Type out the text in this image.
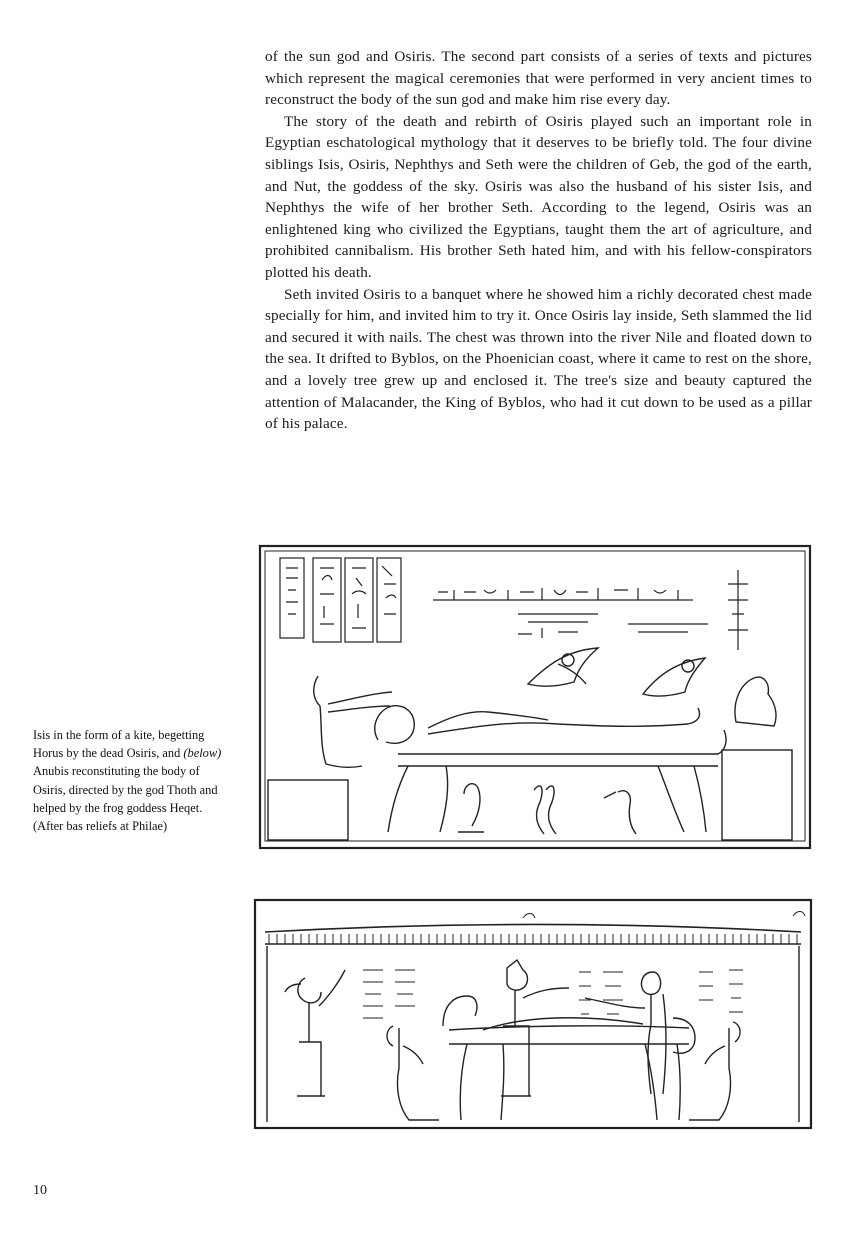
of the sun god and Osiris. The second part consists of a series of texts and pictures which represent the magical ceremonies that were performed in very ancient times to reconstruct the body of the sun god and make him rise every day.

The story of the death and rebirth of Osiris played such an important role in Egyptian eschatological mythology that it deserves to be briefly told. The four divine siblings Isis, Osiris, Nephthys and Seth were the children of Geb, the god of the earth, and Nut, the goddess of the sky. Osiris was also the husband of his sister Isis, and Nephthys the wife of her brother Seth. According to the legend, Osiris was an enlightened king who civilized the Egyptians, taught them the art of agriculture, and prohibited cannibalism. His brother Seth hated him, and with his fellow-conspirators plotted his death.

Seth invited Osiris to a banquet where he showed him a richly decorated chest made specially for him, and invited him to try it. Once Osiris lay inside, Seth slammed the lid and secured it with nails. The chest was thrown into the river Nile and floated down to the sea. It drifted to Byblos, on the Phoenician coast, where it came to rest on the shore, and a lovely tree grew up and enclosed it. The tree's size and beauty captured the attention of Malacander, the King of Byblos, who had it cut down to be used as a pillar of his palace.

Isis in the form of a kite, begetting Horus by the dead Osiris, and (below) Anubis reconstituting the body of Osiris, directed by the god Thoth and helped by the frog goddess Heqet. (After bas reliefs at Philae)
10
